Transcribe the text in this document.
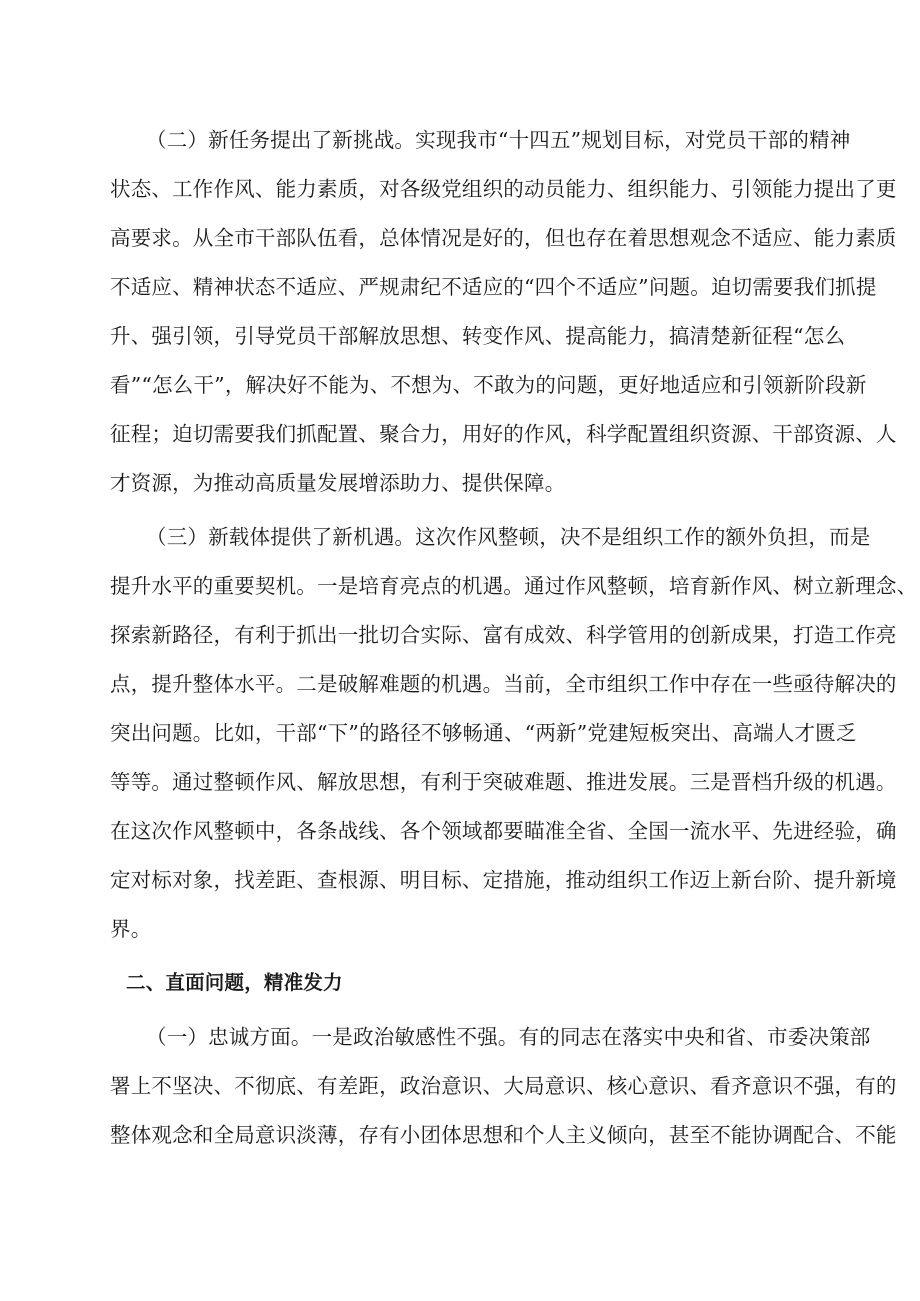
（二）新任务提出了新挑战。实现我市“十四五”规划目标，对党员干部的精神
状态、工作作风、能力素质，对各级党组织的动员能力、组织能力、引领能力提出了更
高要求。从全市干部队伍看，总体情况是好的，但也存在着思想观念不适应、能力素质
不适应、精神状态不适应、严规肃纪不适应的“四个不适应”问题。迫切需要我们抓提
升、强引领，引导党员干部解放思想、转变作风、提高能力，搞清楚新征程“怎么
看”“怎么干”，解决好不能为、不想为、不敢为的问题，更好地适应和引领新阶段新
征程；迫切需要我们抓配置、聚合力，用好的作风，科学配置组织资源、干部资源、人
才资源，为推动高质量发展增添助力、提供保障。
（三）新载体提供了新机遇。这次作风整顿，决不是组织工作的额外负担，而是
提升水平的重要契机。一是培育亮点的机遇。通过作风整顿，培育新作风、树立新理念、
探索新路径，有利于抓出一批切合实际、富有成效、科学管用的创新成果，打造工作亮
点，提升整体水平。二是破解难题的机遇。当前，全市组织工作中存在一些亟待解决的
突出问题。比如，干部“下”的路径不够畅通、“两新”党建短板突出、高端人才匮乏
等等。通过整顿作风、解放思想，有利于突破难题、推进发展。三是晋档升级的机遇。
在这次作风整顿中，各条战线、各个领域都要瞄准全省、全国一流水平、先进经验，确
定对标对象，找差距、查根源、明目标、定措施，推动组织工作迈上新台阶、提升新境
界。
二、直面问题，精准发力
（一）忠诚方面。一是政治敏感性不强。有的同志在落实中央和省、市委决策部
署上不坚决、不彻底、有差距，政治意识、大局意识、核心意识、看齐意识不强，有的
整体观念和全局意识淡薄，存有小团体思想和个人主义倾向，甚至不能协调配合、不能
